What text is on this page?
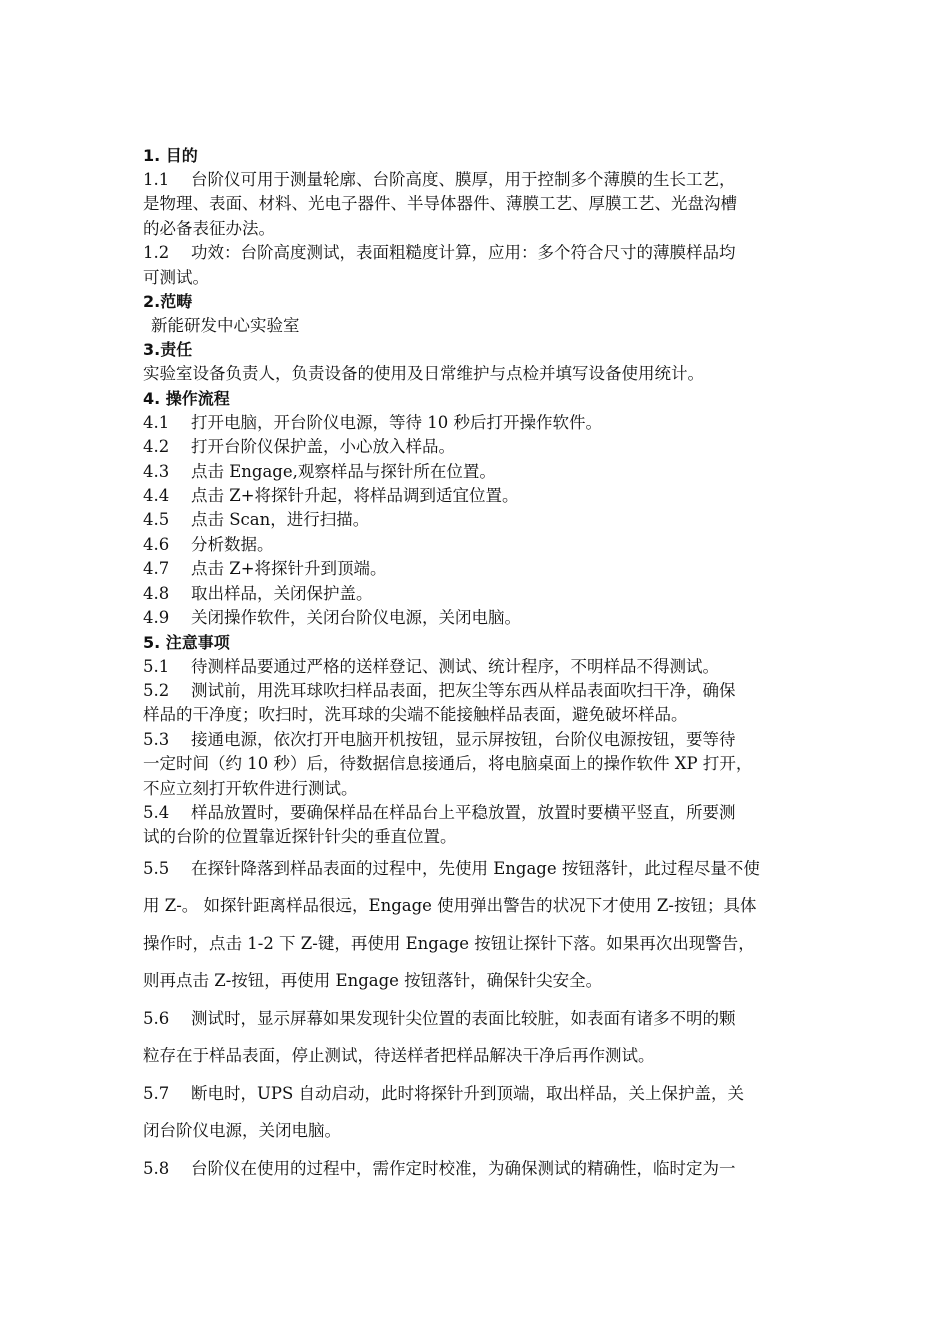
1. 目的
1.1　 台阶仪可用于测量轮廓、台阶高度、膜厚，用于控制多个薄膜的生长工艺，
是物理、表面、材料、光电子器件、半导体器件、薄膜工艺、厚膜工艺、光盘沟槽
的必备表征办法。
1.2　 功效：台阶高度测试，表面粗糙度计算，应用：多个符合尺寸的薄膜样品均
可测试。
2.范畴
新能研发中心实验室
3.责任
实验室设备负责人，负责设备的使用及日常维护与点检并填写设备使用统计。
4. 操作流程
4.1　 打开电脑，开台阶仪电源，等待 10 秒后打开操作软件。
4.2　 打开台阶仪保护盖，小心放入样品。
4.3　 点击 Engage,观察样品与探针所在位置。
4.4　 点击 Z+将探针升起，将样品调到适宜位置。
4.5　 点击 Scan，进行扫描。
4.6　 分析数据。
4.7　 点击 Z+将探针升到顶端。
4.8　 取出样品，关闭保护盖。
4.9　 关闭操作软件，关闭台阶仪电源，关闭电脑。
5. 注意事项
5.1　 待测样品要通过严格的送样登记、测试、统计程序，不明样品不得测试。
5.2　 测试前，用洗耳球吹扫样品表面，把灰尘等东西从样品表面吹扫干净，确保
样品的干净度；吹扫时，洗耳球的尖端不能接触样品表面，避免破坏样品。
5.3　 接通电源，依次打开电脑开机按钮，显示屏按钮，台阶仪电源按钮，要等待
一定时间（约 10 秒）后，待数据信息接通后，将电脑桌面上的操作软件 XP 打开，
不应立刻打开软件进行测试。
5.4　 样品放置时，要确保样品在样品台上平稳放置，放置时要横平竖直，所要测
试的台阶的位置靠近探针针尖的垂直位置。
5.5　 在探针降落到样品表面的过程中，先使用 Engage 按钮落针，此过程尽量不使
用 Z-。 如探针距离样品很远，Engage 使用弹出警告的状况下才使用 Z-按钮；具体
操作时，点击 1-2 下 Z-键，再使用 Engage 按钮让探针下落。如果再次出现警告，
则再点击 Z-按钮，再使用 Engage 按钮落针，确保针尖安全。
5.6　 测试时，显示屏幕如果发现针尖位置的表面比较脏，如表面有诸多不明的颗
粒存在于样品表面，停止测试，待送样者把样品解决干净后再作测试。
5.7　 断电时，UPS 自动启动，此时将探针升到顶端，取出样品，关上保护盖，关
闭台阶仪电源，关闭电脑。
5.8　 台阶仪在使用的过程中，需作定时校准，为确保测试的精确性，临时定为一
